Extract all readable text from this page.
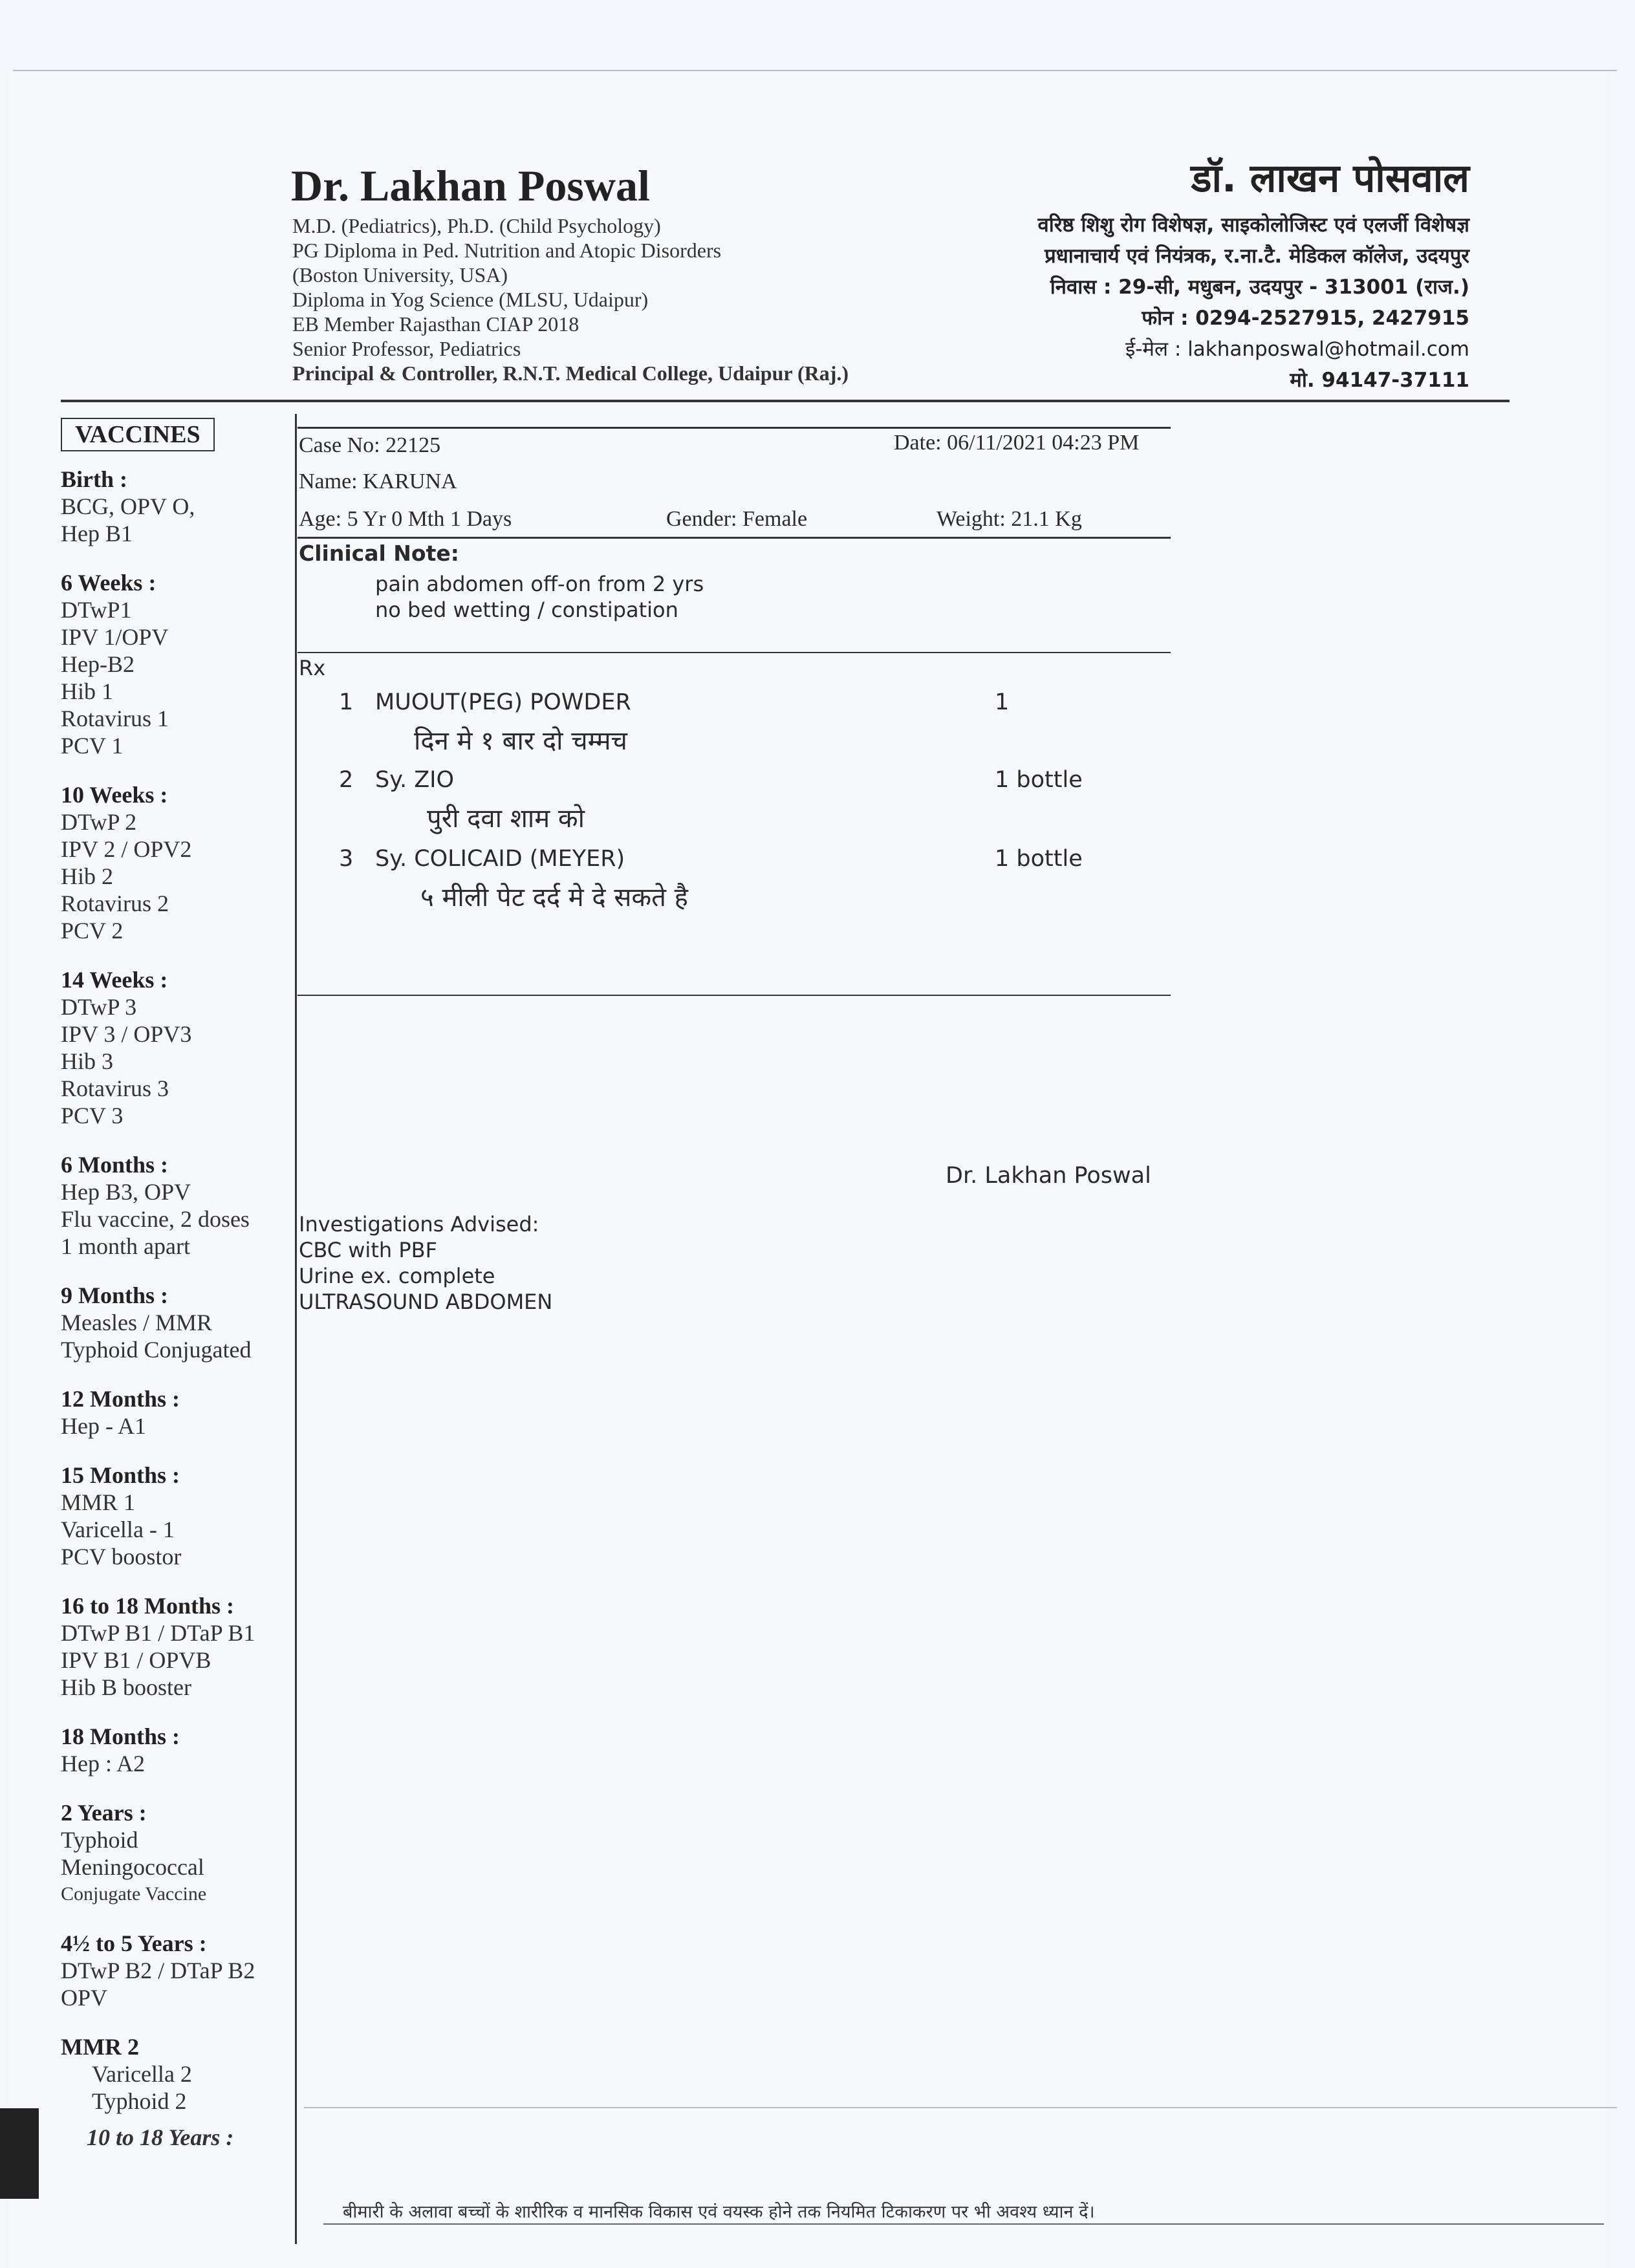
Dr. Lakhan Poswal
M.D. (Pediatrics), Ph.D. (Child Psychology)
PG Diploma in Ped. Nutrition and Atopic Disorders
(Boston University, USA)
Diploma in Yog Science (MLSU, Udaipur)
EB Member Rajasthan CIAP 2018
Senior Professor, Pediatrics
Principal & Controller, R.N.T. Medical College, Udaipur (Raj.)
डॉ. लाखन पोसवाल
वरिष्ठ शिशु रोग विशेषज्ञ, साइकोलोजिस्ट एवं एलर्जी विशेषज्ञ
प्रधानाचार्य एवं नियंत्रक, र.ना.टै. मेडिकल कॉलेज, उदयपुर
निवास : 29-सी, मधुबन, उदयपुर - 313001 (राज.)
फोन : 0294-2527915, 2427915
ई-मेल : lakhanposwal@hotmail.com
मो. 94147-37111
VACCINES
Birth :
BCG, OPV O,
Hep B1
6 Weeks :
DTwP1
IPV 1/OPV
Hep-B2
Hib 1
Rotavirus 1
PCV 1
10 Weeks :
DTwP 2
IPV 2 / OPV2
Hib 2
Rotavirus 2
PCV 2
14 Weeks :
DTwP 3
IPV 3 / OPV3
Hib 3
Rotavirus 3
PCV 3
6 Months :
Hep B3, OPV
Flu vaccine, 2 doses
1 month apart
9 Months :
Measles / MMR
Typhoid Conjugated
12 Months :
Hep - A1
15 Months :
MMR 1
Varicella - 1
PCV boostor
16 to 18 Months :
DTwP B1 / DTaP B1
IPV B1 / OPVB
Hib B booster
18 Months :
Hep : A2
2 Years :
Typhoid
Meningococcal
Conjugate Vaccine
4½ to 5 Years :
DTwP B2 / DTaP B2
OPV
MMR 2
Varicella 2
Typhoid 2
10 to 18 Years :
Case No: 22125	Date: 06/11/2021 04:23 PM
Name: KARUNA
Age: 5 Yr 0 Mth 1 Days	Gender: Female	Weight: 21.1 Kg
Clinical Note:
pain abdomen off-on from 2 yrs
no bed wetting / constipation
Rx
1 MUOUT(PEG) POWDER	1
दिन मे १ बार दो चम्मच
2 Sy. ZIO	1 bottle
पुरी दवा शाम को
3 Sy. COLICAID (MEYER)	1 bottle
५ मीली पेट दर्द मे दे सकते है
Dr. Lakhan Poswal
Investigations Advised:
CBC with PBF
Urine ex. complete
ULTRASOUND ABDOMEN
बीमारी के अलावा बच्चों के शारीरिक व मानसिक विकास एवं वयस्क होने तक नियमित टिकाकरण पर भी अवश्य ध्यान दें।
